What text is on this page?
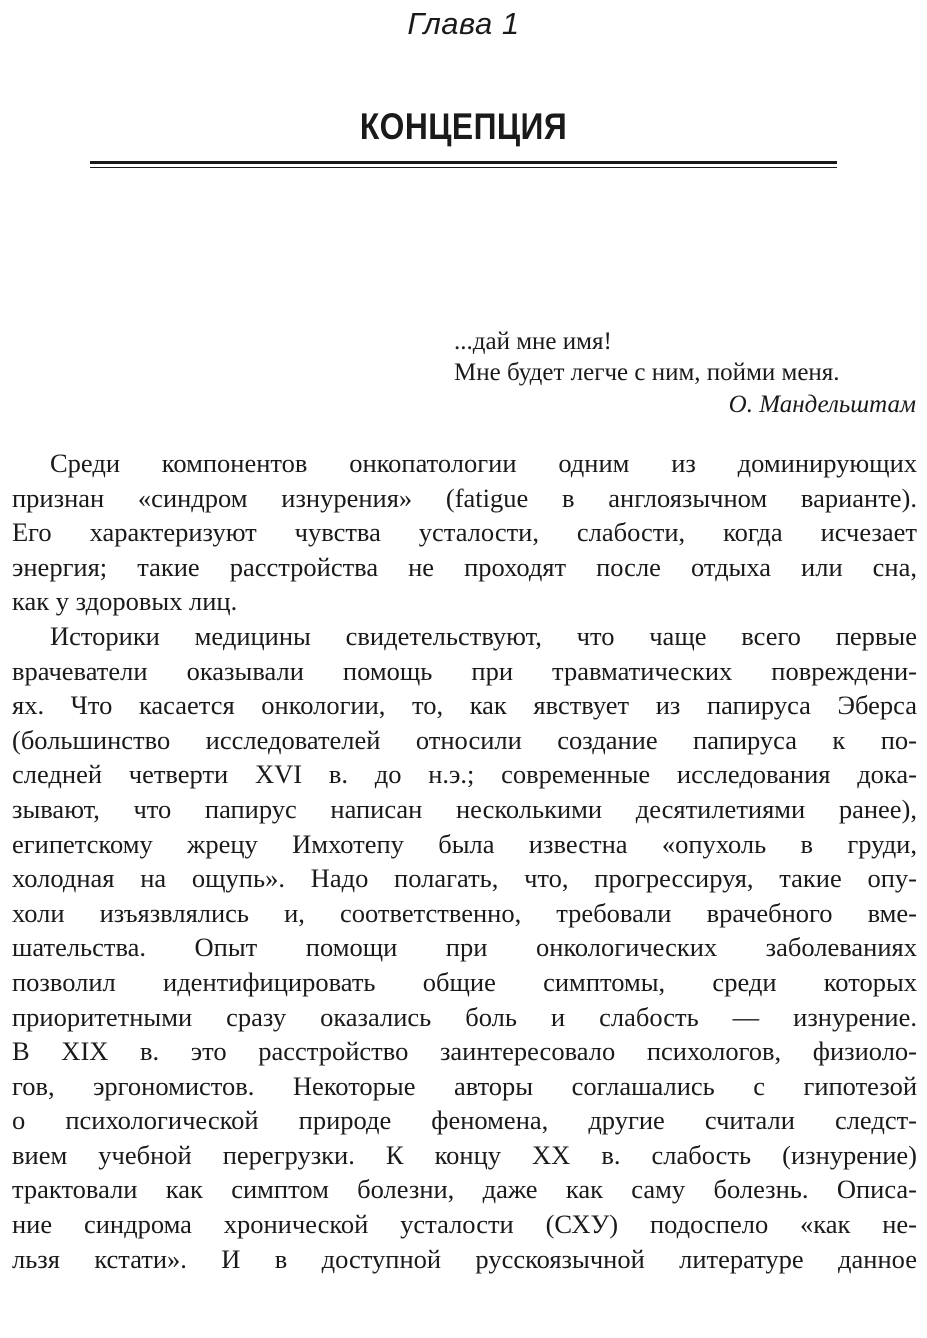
Глава 1
КОНЦЕПЦИЯ
...дай мне имя!
Мне будет легче с ним, пойми меня.
О. Мандельштам
Среди компонентов онкопатологии одним из доминирующих
признан «синдром изнурения» (fatigue в англоязычном варианте).
Его характеризуют чувства усталости, слабости, когда исчезает
энергия; такие расстройства не проходят после отдыха или сна,
как у здоровых лиц.
Историки медицины свидетельствуют, что чаще всего первые
врачеватели оказывали помощь при травматических повреждени-
ях. Что касается онкологии, то, как явствует из папируса Эберса
(большинство исследователей относили создание папируса к по-
следней четверти XVI в. до н.э.; современные исследования дока-
зывают, что папирус написан несколькими десятилетиями ранее),
египетскому жрецу Имхотепу была известна «опухоль в груди,
холодная на ощупь». Надо полагать, что, прогрессируя, такие опу-
холи изъязвлялись и, соответственно, требовали врачебного вме-
шательства. Опыт помощи при онкологических заболеваниях
позволил идентифицировать общие симптомы, среди которых
приоритетными сразу оказались боль и слабость — изнурение.
В XIX в. это расстройство заинтересовало психологов, физиоло-
гов, эргономистов. Некоторые авторы соглашались с гипотезой
о психологической природе феномена, другие считали следст-
вием учебной перегрузки. К концу XX в. слабость (изнурение)
трактовали как симптом болезни, даже как саму болезнь. Описа-
ние синдрома хронической усталости (СХУ) подоспело «как не-
льзя кстати». И в доступной русскоязычной литературе данное
